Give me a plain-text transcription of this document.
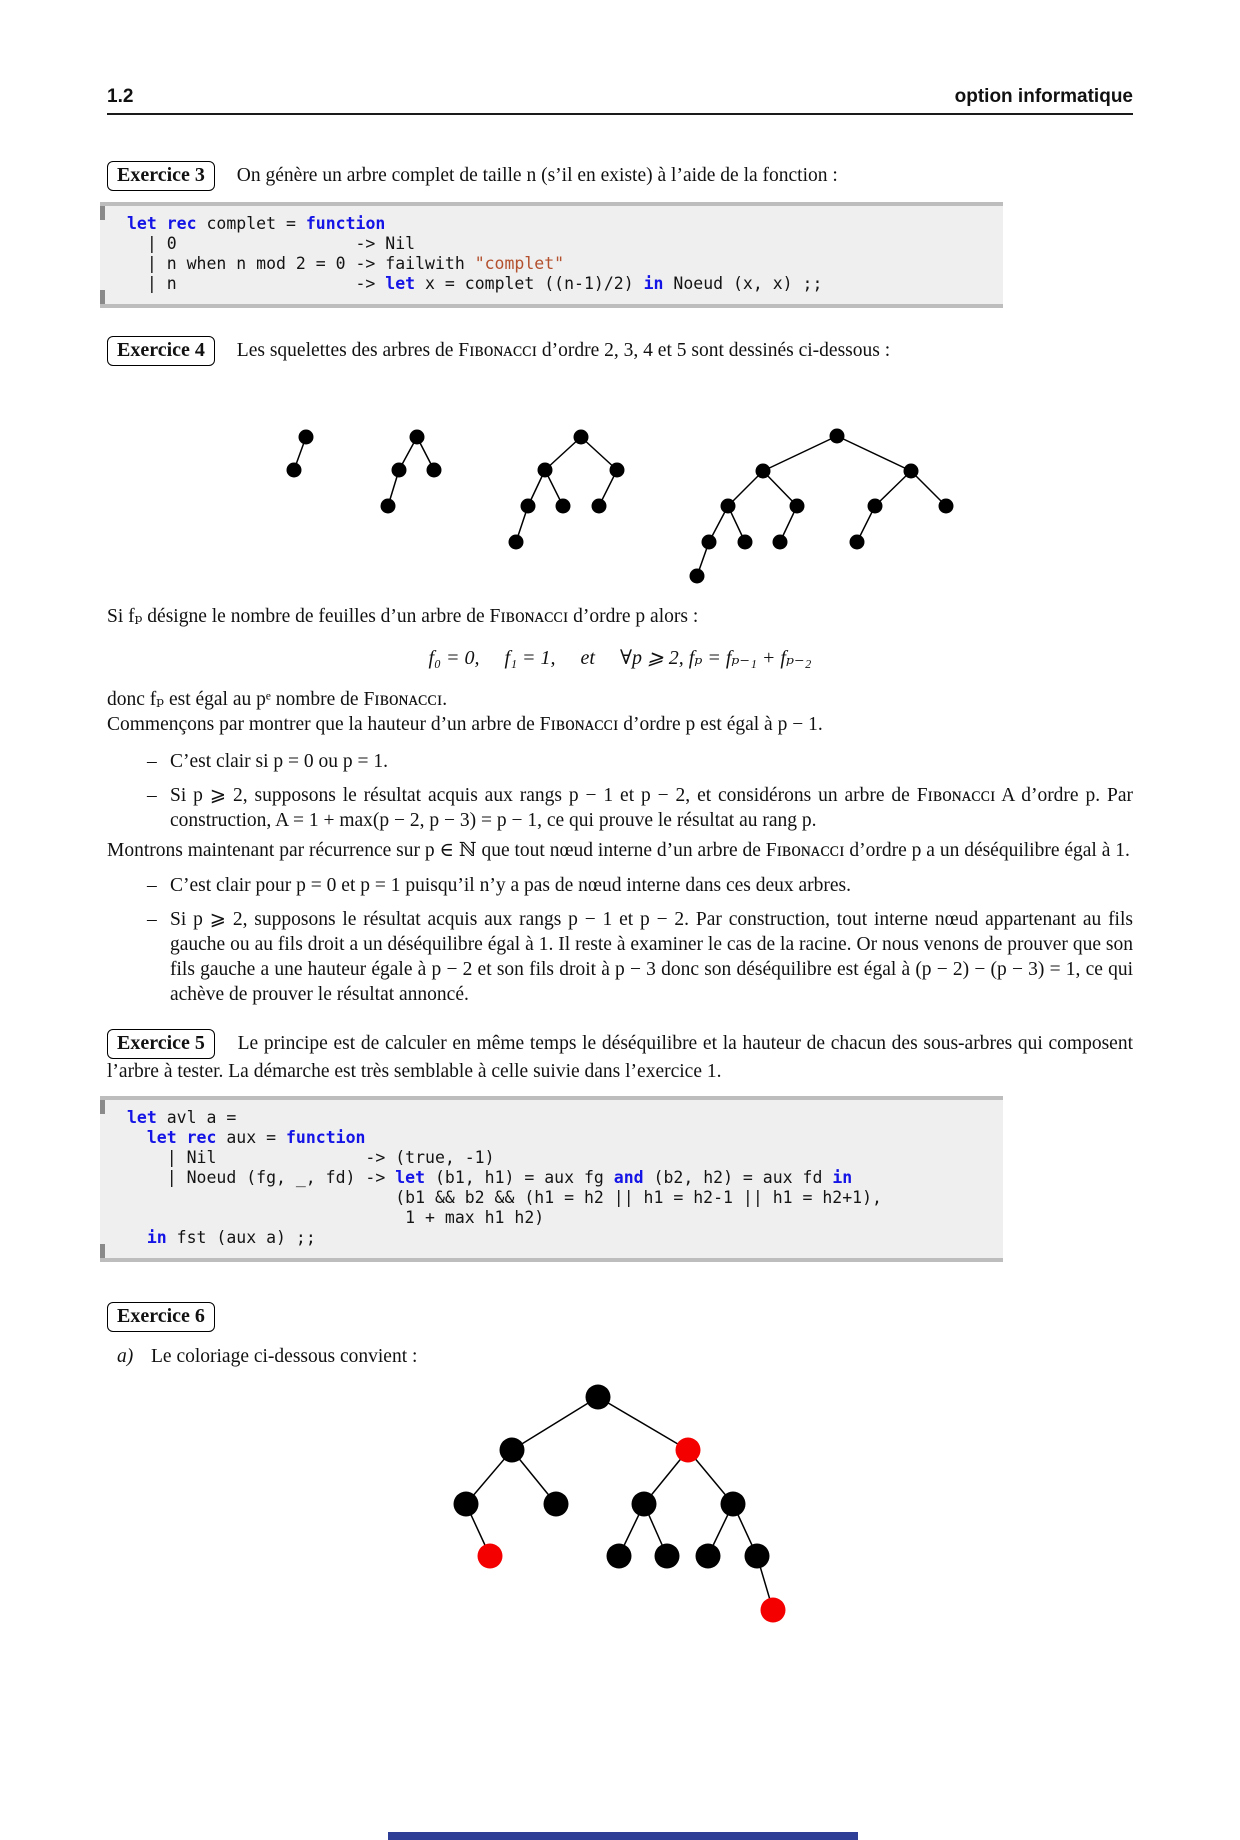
1.2	option informatique

Exercice 3 On génère un arbre complet de taille n (s’il en existe) à l’aide de la fonction :

let rec complet = function
| 0                  -> Nil
| n when n mod 2 = 0 -> failwith "complet"
| n                  -> let x = complet ((n-1)/2) in Noeud (x, x) ;;

Exercice 4 Les squelettes des arbres de Fɪʙᴏɴᴀᴄᴄɪ d’ordre 2, 3, 4 et 5 sont dessinés ci-dessous :

Si fₚ désigne le nombre de feuilles d’un arbre de Fɪʙᴏɴᴀᴄᴄɪ d’ordre p alors :

f₀ = 0,  f₁ = 1,  et  ∀p ⩾ 2, fₚ = fₚ₋₁ + fₚ₋₂

donc fₚ est égal au pᵉ nombre de Fɪʙᴏɴᴀᴄᴄɪ.

Commençons par montrer que la hauteur d’un arbre de Fɪʙᴏɴᴀᴄᴄɪ d’ordre p est égal à p − 1.

– C’est clair si p = 0 ou p = 1.
– Si p ⩾ 2, supposons le résultat acquis aux rangs p − 1 et p − 2, et considérons un arbre de Fɪʙᴏɴᴀᴄᴄɪ A d’ordre p. Par construction, A = 1 + max(p − 2, p − 3) = p − 1, ce qui prouve le résultat au rang p.

Montrons maintenant par récurrence sur p ∈ ℕ que tout nœud interne d’un arbre de Fɪʙᴏɴᴀᴄᴄɪ d’ordre p a un déséquilibre égal à 1.

– C’est clair pour p = 0 et p = 1 puisqu’il n’y a pas de nœud interne dans ces deux arbres.
– Si p ⩾ 2, supposons le résultat acquis aux rangs p − 1 et p − 2. Par construction, tout interne nœud appartenant au fils gauche ou au fils droit a un déséquilibre égal à 1. Il reste à examiner le cas de la racine. Or nous venons de prouver que son fils gauche a une hauteur égale à p − 2 et son fils droit à p − 3 donc son déséquilibre est égal à (p − 2) − (p − 3) = 1, ce qui achève de prouver le résultat annoncé.

Exercice 5 Le principe est de calculer en même temps le déséquilibre et la hauteur de chacun des sous-arbres qui composent l’arbre à tester. La démarche est très semblable à celle suivie dans l’exercice 1.

let avl a =
let rec aux = function
| Nil               -> (true, -1)
| Noeud (fg, _, fd) -> let (b1, h1) = aux fg and (b2, h2) = aux fd in
(b1 && b2 && (h1 = h2 || h1 = h2-1 || h1 = h2+1),
1 + max h1 h2)
in fst (aux a) ;;
Exercice 6
a) Le coloriage ci-dessous convient :
